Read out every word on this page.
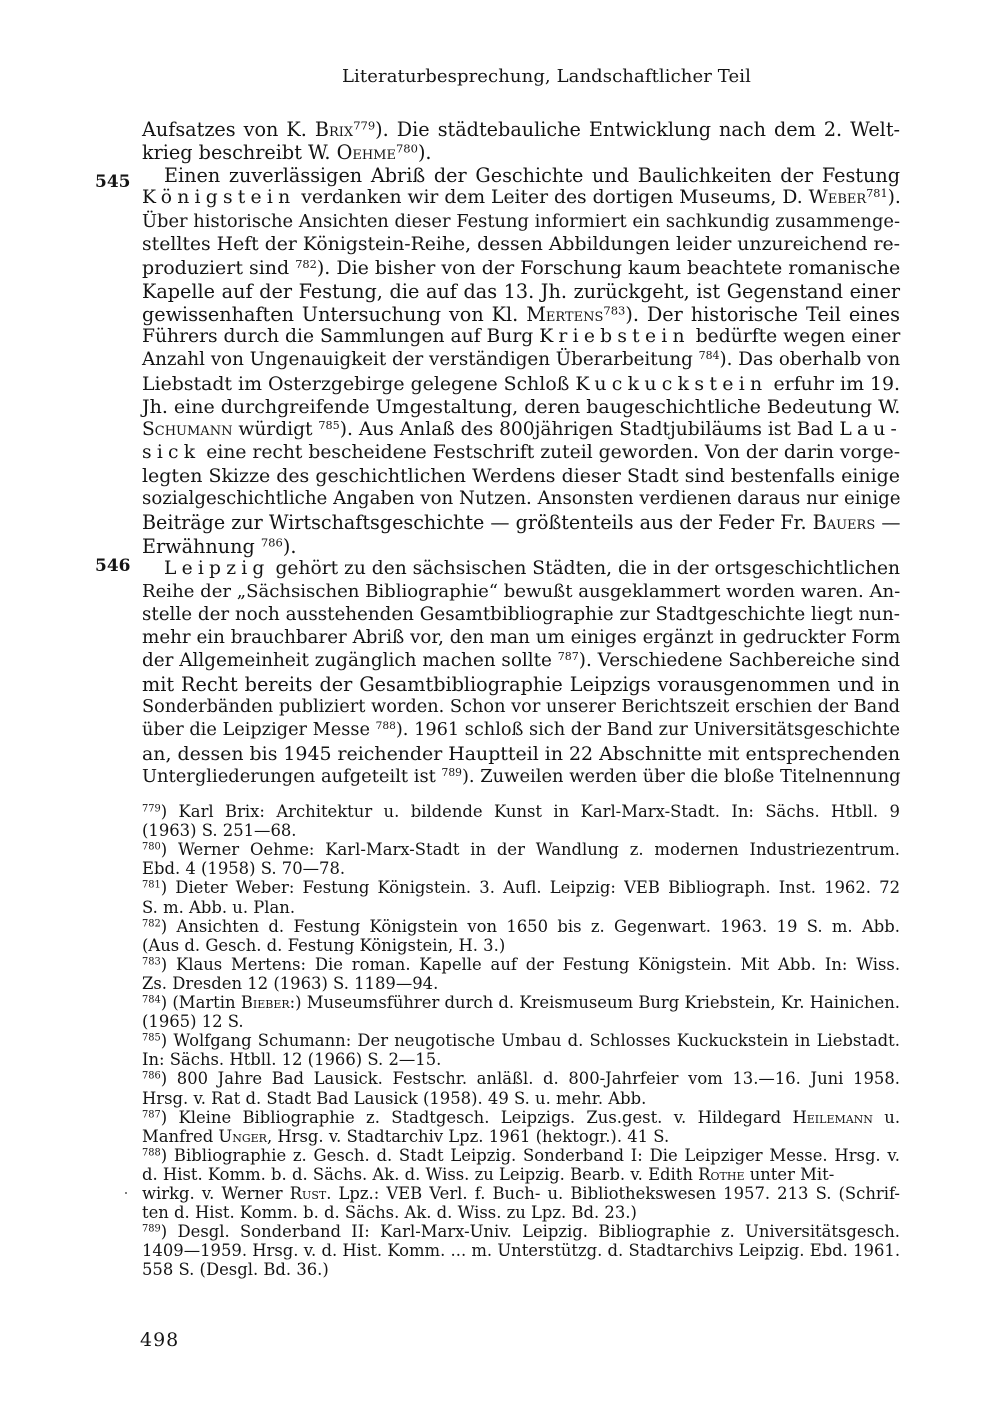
Literaturbesprechung, Landschaftlicher Teil
545
546
Aufsatzes von K. Brix$^{779}$). Die städtebauliche Entwicklung nach dem 2. Welt-
krieg beschreibt W. Oehme$^{780}$).
Einen zuverlässigen Abriß der Geschichte und Baulichkeiten der Festung
Königstein verdanken wir dem Leiter des dortigen Museums, D. Weber$^{781}$).
Über historische Ansichten dieser Festung informiert ein sachkundig zusammenge-
stelltes Heft der Königstein-Reihe, dessen Abbildungen leider unzureichend re-
produziert sind $^{782}$). Die bisher von der Forschung kaum beachtete romanische
Kapelle auf der Festung, die auf das 13. Jh. zurückgeht, ist Gegenstand einer
gewissenhaften Untersuchung von Kl. Mertens$^{783}$). Der historische Teil eines
Führers durch die Sammlungen auf Burg Kriebstein bedürfte wegen einer
Anzahl von Ungenauigkeit der verständigen Überarbeitung $^{784}$). Das oberhalb von
Liebstadt im Osterzgebirge gelegene Schloß Kuckuckstein erfuhr im 19.
Jh. eine durchgreifende Umgestaltung, deren baugeschichtliche Bedeutung W.
Schumann würdigt $^{785}$). Aus Anlaß des 800jährigen Stadtjubiläums ist Bad Lau-
sick eine recht bescheidene Festschrift zuteil geworden. Von der darin vorge-
legten Skizze des geschichtlichen Werdens dieser Stadt sind bestenfalls einige
sozialgeschichtliche Angaben von Nutzen. Ansonsten verdienen daraus nur einige
Beiträge zur Wirtschaftsgeschichte — größtenteils aus der Feder Fr. Bauers —
Erwähnung $^{786}$).
Leipzig gehört zu den sächsischen Städten, die in der ortsgeschichtlichen
Reihe der „Sächsischen Bibliographie“ bewußt ausgeklammert worden waren. An-
stelle der noch ausstehenden Gesamtbibliographie zur Stadtgeschichte liegt nun-
mehr ein brauchbarer Abriß vor, den man um einiges ergänzt in gedruckter Form
der Allgemeinheit zugänglich machen sollte $^{787}$). Verschiedene Sachbereiche sind
mit Recht bereits der Gesamtbibliographie Leipzigs vorausgenommen und in
Sonderbänden publiziert worden. Schon vor unserer Berichtszeit erschien der Band
über die Leipziger Messe $^{788}$). 1961 schloß sich der Band zur Universitätsgeschichte
an, dessen bis 1945 reichender Hauptteil in 22 Abschnitte mit entsprechenden
Untergliederungen aufgeteilt ist $^{789}$). Zuweilen werden über die bloße Titelnennung
$^{779}$) Karl Brix: Architektur u. bildende Kunst in Karl-Marx-Stadt. In: Sächs. Htbll. 9
(1963) S. 251—68.
$^{780}$) Werner Oehme: Karl-Marx-Stadt in der Wandlung z. modernen Industriezentrum.
Ebd. 4 (1958) S. 70—78.
$^{781}$) Dieter Weber: Festung Königstein. 3. Aufl. Leipzig: VEB Bibliograph. Inst. 1962. 72
S. m. Abb. u. Plan.
$^{782}$) Ansichten d. Festung Königstein von 1650 bis z. Gegenwart. 1963. 19 S. m. Abb.
(Aus d. Gesch. d. Festung Königstein, H. 3.)
$^{783}$) Klaus Mertens: Die roman. Kapelle auf der Festung Königstein. Mit Abb. In: Wiss.
Zs. Dresden 12 (1963) S. 1189—94.
$^{784}$) (Martin Bieber:) Museumsführer durch d. Kreismuseum Burg Kriebstein, Kr. Hainichen.
(1965) 12 S.
$^{785}$) Wolfgang Schumann: Der neugotische Umbau d. Schlosses Kuckuckstein in Liebstadt.
In: Sächs. Htbll. 12 (1966) S. 2—15.
$^{786}$) 800 Jahre Bad Lausick. Festschr. anläßl. d. 800-Jahrfeier vom 13.—16. Juni 1958.
Hrsg. v. Rat d. Stadt Bad Lausick (1958). 49 S. u. mehr. Abb.
$^{787}$) Kleine Bibliographie z. Stadtgesch. Leipzigs. Zus.gest. v. Hildegard Heilemann u.
Manfred Unger, Hrsg. v. Stadtarchiv Lpz. 1961 (hektogr.). 41 S.
$^{788}$) Bibliographie z. Gesch. d. Stadt Leipzig. Sonderband I: Die Leipziger Messe. Hrsg. v.
d. Hist. Komm. b. d. Sächs. Ak. d. Wiss. zu Leipzig. Bearb. v. Edith Rothe unter Mit-
wirkg. v. Werner Rust. Lpz.: VEB Verl. f. Buch- u. Bibliothekswesen 1957. 213 S. (Schrif-
ten d. Hist. Komm. b. d. Sächs. Ak. d. Wiss. zu Lpz. Bd. 23.)
$^{789}$) Desgl. Sonderband II: Karl-Marx-Univ. Leipzig. Bibliographie z. Universitätsgesch.
1409—1959. Hrsg. v. d. Hist. Komm. ... m. Unterstützg. d. Stadtarchivs Leipzig. Ebd. 1961.
558 S. (Desgl. Bd. 36.)
498
